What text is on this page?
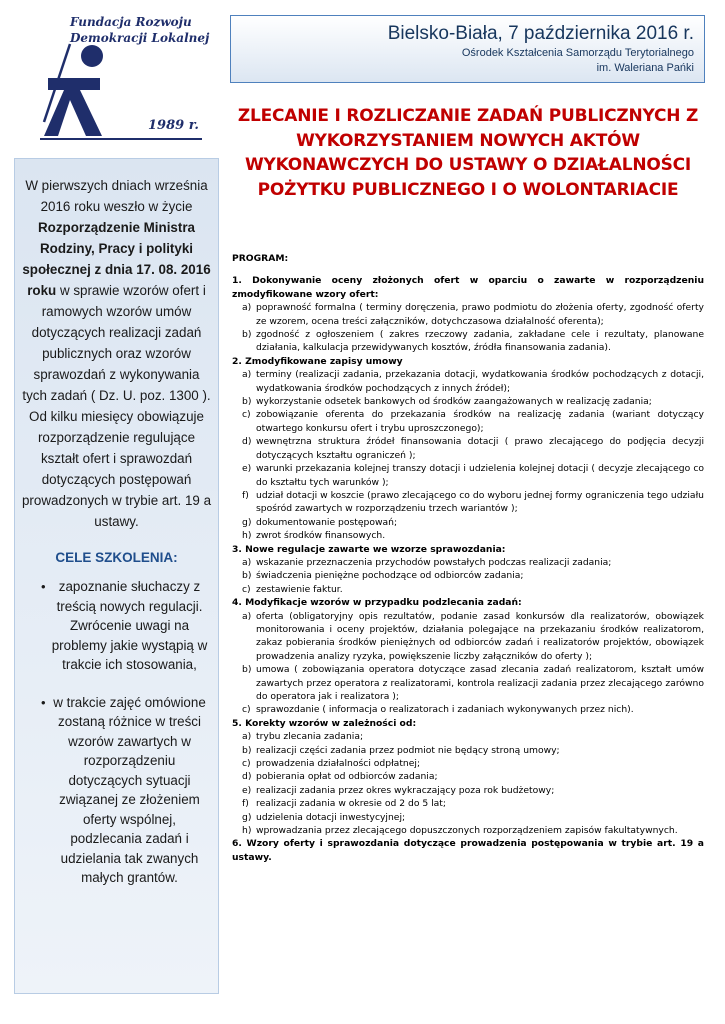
Fundacja Rozwoju
Demokracji Lokalnej
1989 r.
Bielsko-Biała, 7 października 2016 r.
Ośrodek Kształcenia Samorządu Terytorialnego
im. Waleriana Pańki
ZLECANIE I ROZLICZANIE ZADAŃ PUBLICZNYCH Z WYKORZYSTANIEM NOWYCH AKTÓW WYKONAWCZYCH DO USTAWY O DZIAŁALNOŚCI POŻYTKU PUBLICZNEGO I O WOLONTARIACIE

W pierwszych dniach września 2016 roku weszło w życie Rozporządzenie Ministra Rodziny, Pracy i polityki społecznej z dnia 17. 08. 2016 roku w sprawie wzorów ofert i ramowych wzorów umów dotyczących realizacji zadań publicznych oraz wzorów sprawozdań z wykonywania tych zadań ( Dz. U. poz. 1300 ). Od kilku miesięcy obowiązuje rozporządzenie regulujące kształt ofert i sprawozdań dotyczących postępowań prowadzonych w trybie art. 19 a ustawy.

CELE SZKOLENIA:
• zapoznanie słuchaczy z treścią nowych regulacji. Zwrócenie uwagi na problemy jakie wystąpią w trakcie ich stosowania,
• w trakcie zajęć omówione zostaną różnice w treści wzorów zawartych w rozporządzeniu dotyczących sytuacji związanej ze złożeniem oferty wspólnej, podzlecania zadań i udzielania tak zwanych małych grantów.
PROGRAM:
1. Dokonywanie oceny złożonych ofert w oparciu o zawarte w rozporządzeniu zmodyfikowane wzory ofert:
a) poprawność formalna ( terminy doręczenia, prawo podmiotu do złożenia oferty, zgodność oferty ze wzorem, ocena treści załączników, dotychczasowa działalność oferenta);
b) zgodność z ogłoszeniem ( zakres rzeczowy zadania, zakładane cele i rezultaty, planowane działania, kalkulacja przewidywanych kosztów, źródła finansowania zadania).
2. Zmodyfikowane zapisy umowy
a) terminy (realizacji zadania, przekazania dotacji, wydatkowania środków pochodzących z dotacji, wydatkowania środków pochodzących z innych źródeł);
b) wykorzystanie odsetek bankowych od środków zaangażowanych w realizację zadania;
c) zobowiązanie oferenta do przekazania środków na realizację zadania (wariant dotyczący otwartego konkursu ofert i trybu uproszczonego);
d) wewnętrzna struktura źródeł finansowania dotacji ( prawo zlecającego do podjęcia decyzji dotyczących kształtu ograniczeń );
e) warunki przekazania kolejnej transzy dotacji i udzielenia kolejnej dotacji ( decyzje zlecającego co do kształtu tych warunków );
f) udział dotacji w koszcie (prawo zlecającego co do wyboru jednej formy ograniczenia tego udziału spośród zawartych w rozporządzeniu trzech wariantów );
g) dokumentowanie postępowań;
h) zwrot środków finansowych.
3. Nowe regulacje zawarte we wzorze sprawozdania:
a) wskazanie przeznaczenia przychodów powstałych podczas realizacji zadania;
b) świadczenia pieniężne pochodzące od odbiorców zadania;
c) zestawienie faktur.
4. Modyfikacje wzorów w przypadku podzlecania zadań:
a) oferta (obligatoryjny opis rezultatów, podanie zasad konkursów dla realizatorów, obowiązek monitorowania i oceny projektów, działania polegające na przekazaniu środków realizatorom, zakaz pobierania środków pieniężnych od odbiorców zadań i realizatorów projektów, obowiązek prowadzenia analizy ryzyka, powiększenie liczby załączników do oferty );
b) umowa ( zobowiązania operatora dotyczące zasad zlecania zadań realizatorom, kształt umów zawartych przez operatora z realizatorami, kontrola realizacji zadania przez zlecającego zarówno do operatora jak i realizatora );
c) sprawozdanie ( informacja o realizatorach i zadaniach wykonywanych przez nich).
5. Korekty wzorów w zależności od:
a) trybu zlecania zadania;
b) realizacji części zadania przez podmiot nie będący stroną umowy;
c) prowadzenia działalności odpłatnej;
d) pobierania opłat od odbiorców zadania;
e) realizacji zadania przez okres wykraczający poza rok budżetowy;
f) realizacji zadania w okresie od 2 do 5 lat;
g) udzielenia dotacji inwestycyjnej;
h) wprowadzania przez zlecającego dopuszczonych rozporządzeniem zapisów fakultatywnych.
6. Wzory oferty i sprawozdania dotyczące prowadzenia postępowania w trybie art. 19 a ustawy.
